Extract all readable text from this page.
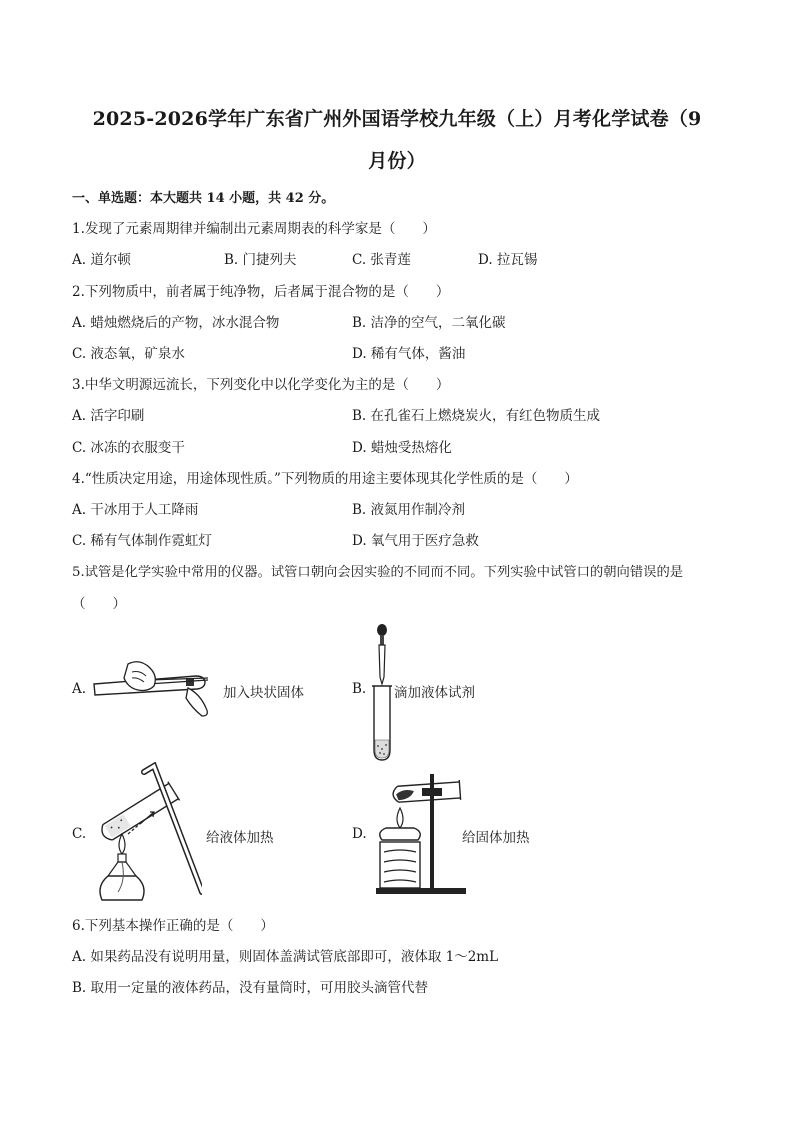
2025-2026学年广东省广州外国语学校九年级（上）月考化学试卷（9
月份）
一、单选题：本大题共 14 小题，共 42 分。
1.发现了元素周期律并编制出元素周期表的科学家是（　　）
A. 道尔顿	B. 门捷列夫	C. 张青莲	D. 拉瓦锡
2.下列物质中，前者属于纯净物，后者属于混合物的是（　　）
A. 蜡烛燃烧后的产物，冰水混合物	B. 洁净的空气，二氧化碳
C. 液态氧，矿泉水	D. 稀有气体，酱油
3.中华文明源远流长，下列变化中以化学变化为主的是（　　）
A. 活字印刷	B. 在孔雀石上燃烧炭火，有红色物质生成
C. 冰冻的衣服变干	D. 蜡烛受热熔化
4.“性质决定用途，用途体现性质。”下列物质的用途主要体现其化学性质的是（　　）
A. 干冰用于人工降雨	B. 液氮用作制冷剂
C. 稀有气体制作霓虹灯	D. 氧气用于医疗急救
5.试管是化学实验中常用的仪器。试管口朝向会因实验的不同而不同。下列实验中试管口的朝向错误的是
（　　）
A.	加入块状固体	B. 滴加液体试剂
C.	给液体加热	D.	给固体加热
6.下列基本操作正确的是（　　）
A. 如果药品没有说明用量，则固体盖满试管底部即可，液体取 1～2mL
B. 取用一定量的液体药品，没有量筒时，可用胶头滴管代替
